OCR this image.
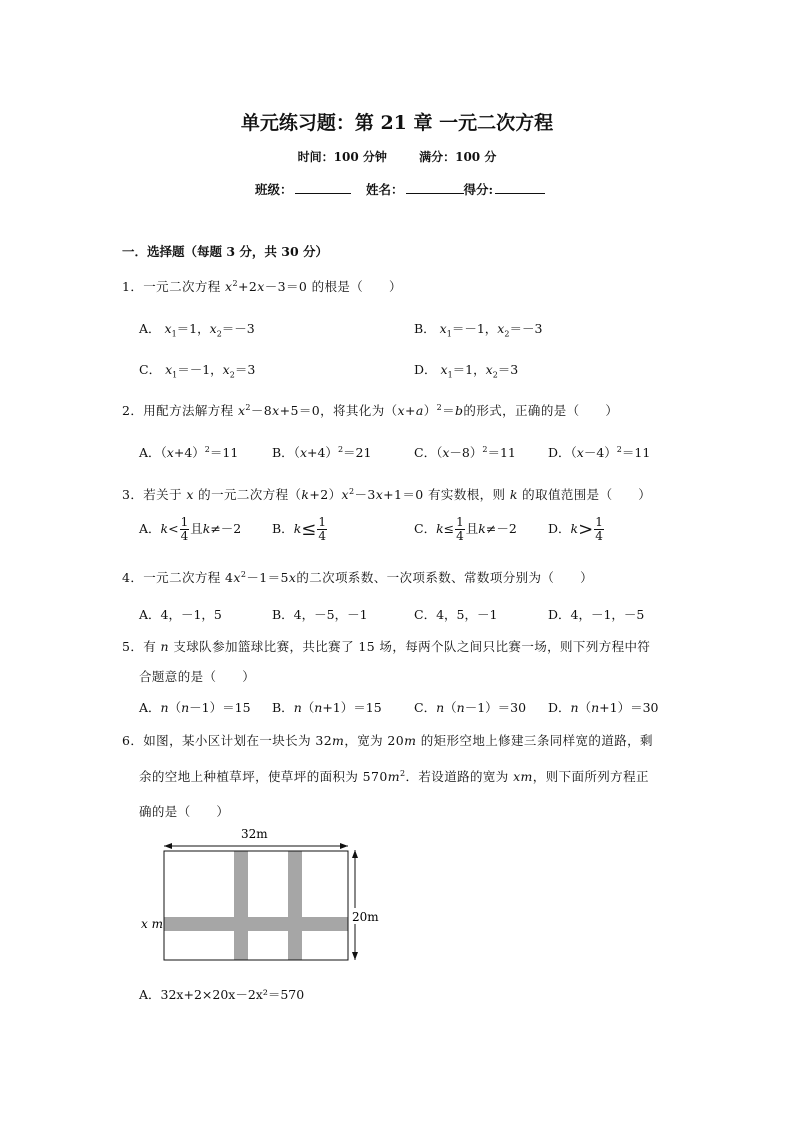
单元练习题：第 21 章 一元二次方程
时间：100 分钟	满分：100 分
班级：	姓名：	得分:
一．选择题（每题 3 分，共 30 分）
1．一元二次方程 $x^2+2x-3=0$ 的根是（　　）
A． $x_1=1$，$x_2=-3$	B． $x_1=-1$，$x_2=-3$
C． $x_1=-1$，$x_2=3$	D． $x_1=1$，$x_2=3$
2．用配方法解方程 $x^2-8x+5=0$，将其化为$(x+a)^2=b$的形式，正确的是（　　）
A．$(x+4)^2=11$	B．$(x+4)^2=21$	C．$(x-8)^2=11$	D．$(x-4)^2=11$
3．若关于 x 的一元二次方程$(k+2)x^2-3x+1=0$ 有实数根，则 k 的取值范围是（　　）
A．$k< \frac{1}{4}$ 且k≠－2 B．$k\le \frac{1}{4}$	C．$k\le \frac{1}{4}$ 且k≠－2 D．$k> \frac{1}{4}$
4．一元二次方程 $4x^2-1=5x$的二次项系数、一次项系数、常数项分别为（　　）
A．4，－1，5	B．4，－5，－1	C．4，5，－1	D．4，－1，－5
5．有 n 支球队参加篮球比赛，共比赛了 15 场，每两个队之间只比赛一场，则下列方程中符
合题意的是（　　）
A．n（n－1）＝15 B．n（n+1）＝15	C．n（n－1）＝30 D．n（n+1）＝30
6．如图，某小区计划在一块长为 32m，宽为 20m 的矩形空地上修建三条同样宽的道路，剩
余的空地上种植草坪，使草坪的面积为 $570m^2$．若设道路的宽为 xm，则下面所列方程正
确的是（　　）
32m
20m
x m
A．32x+2×20x－2x²＝570
